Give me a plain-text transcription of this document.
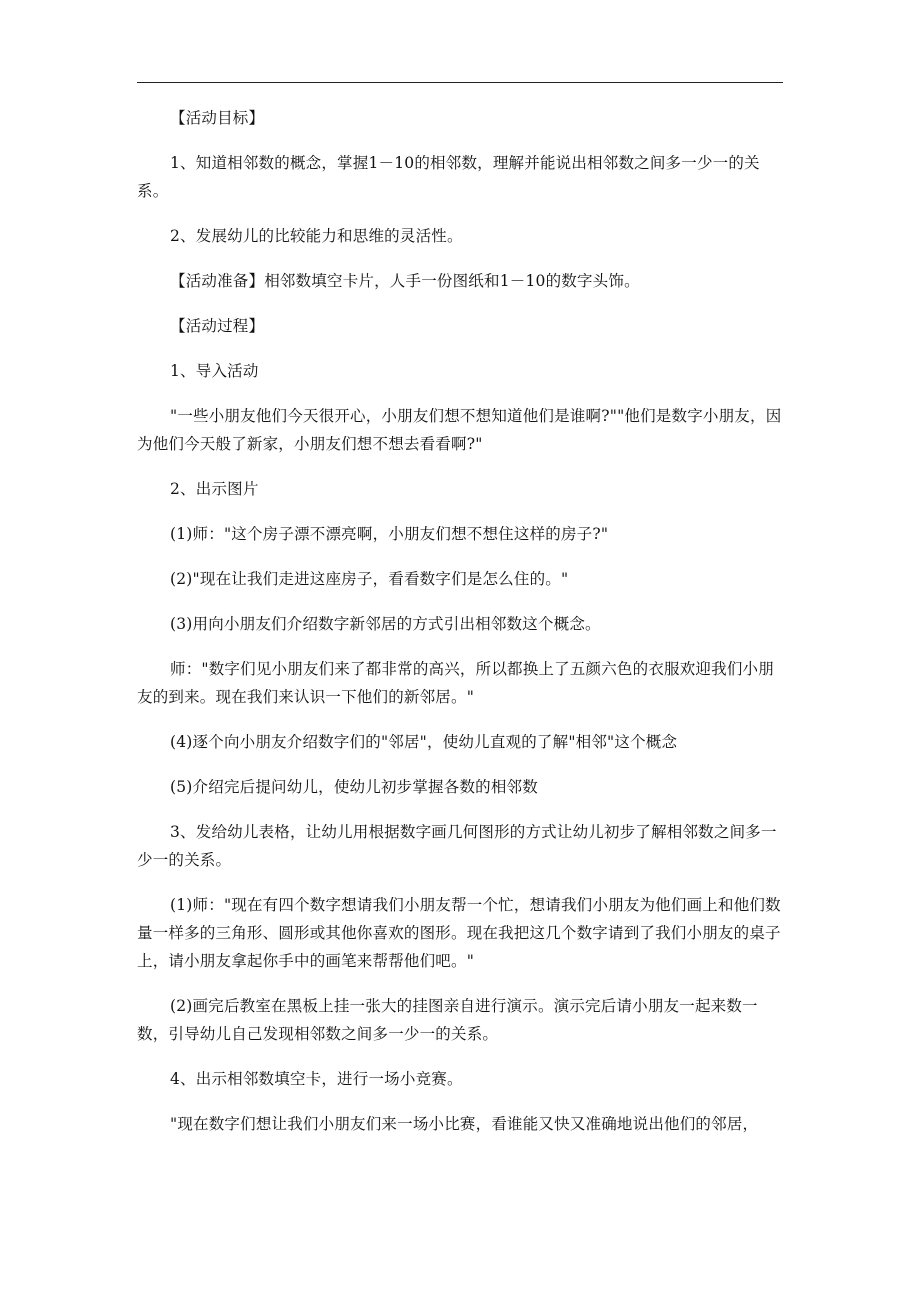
【活动目标】

1、知道相邻数的概念，掌握1－10的相邻数，理解并能说出相邻数之间多一少一的关系。

2、发展幼儿的比较能力和思维的灵活性。

【活动准备】相邻数填空卡片，人手一份图纸和1－10的数字头饰。

【活动过程】

1、导入活动

"一些小朋友他们今天很开心，小朋友们想不想知道他们是谁啊?""他们是数字小朋友，因为他们今天般了新家，小朋友们想不想去看看啊?"

2、出示图片

(1)师："这个房子漂不漂亮啊，小朋友们想不想住这样的房子?"

(2)"现在让我们走进这座房子，看看数字们是怎么住的。"

(3)用向小朋友们介绍数字新邻居的方式引出相邻数这个概念。

师："数字们见小朋友们来了都非常的高兴，所以都换上了五颜六色的衣服欢迎我们小朋友的到来。现在我们来认识一下他们的新邻居。"

(4)逐个向小朋友介绍数字们的"邻居"，使幼儿直观的了解"相邻"这个概念

(5)介绍完后提问幼儿，使幼儿初步掌握各数的相邻数

3、发给幼儿表格，让幼儿用根据数字画几何图形的方式让幼儿初步了解相邻数之间多一少一的关系。

(1)师："现在有四个数字想请我们小朋友帮一个忙，想请我们小朋友为他们画上和他们数量一样多的三角形、圆形或其他你喜欢的图形。现在我把这几个数字请到了我们小朋友的桌子上，请小朋友拿起你手中的画笔来帮帮他们吧。"

(2)画完后教室在黑板上挂一张大的挂图亲自进行演示。演示完后请小朋友一起来数一数，引导幼儿自己发现相邻数之间多一少一的关系。

4、出示相邻数填空卡，进行一场小竞赛。

"现在数字们想让我们小朋友们来一场小比赛，看谁能又快又准确地说出他们的邻居，
